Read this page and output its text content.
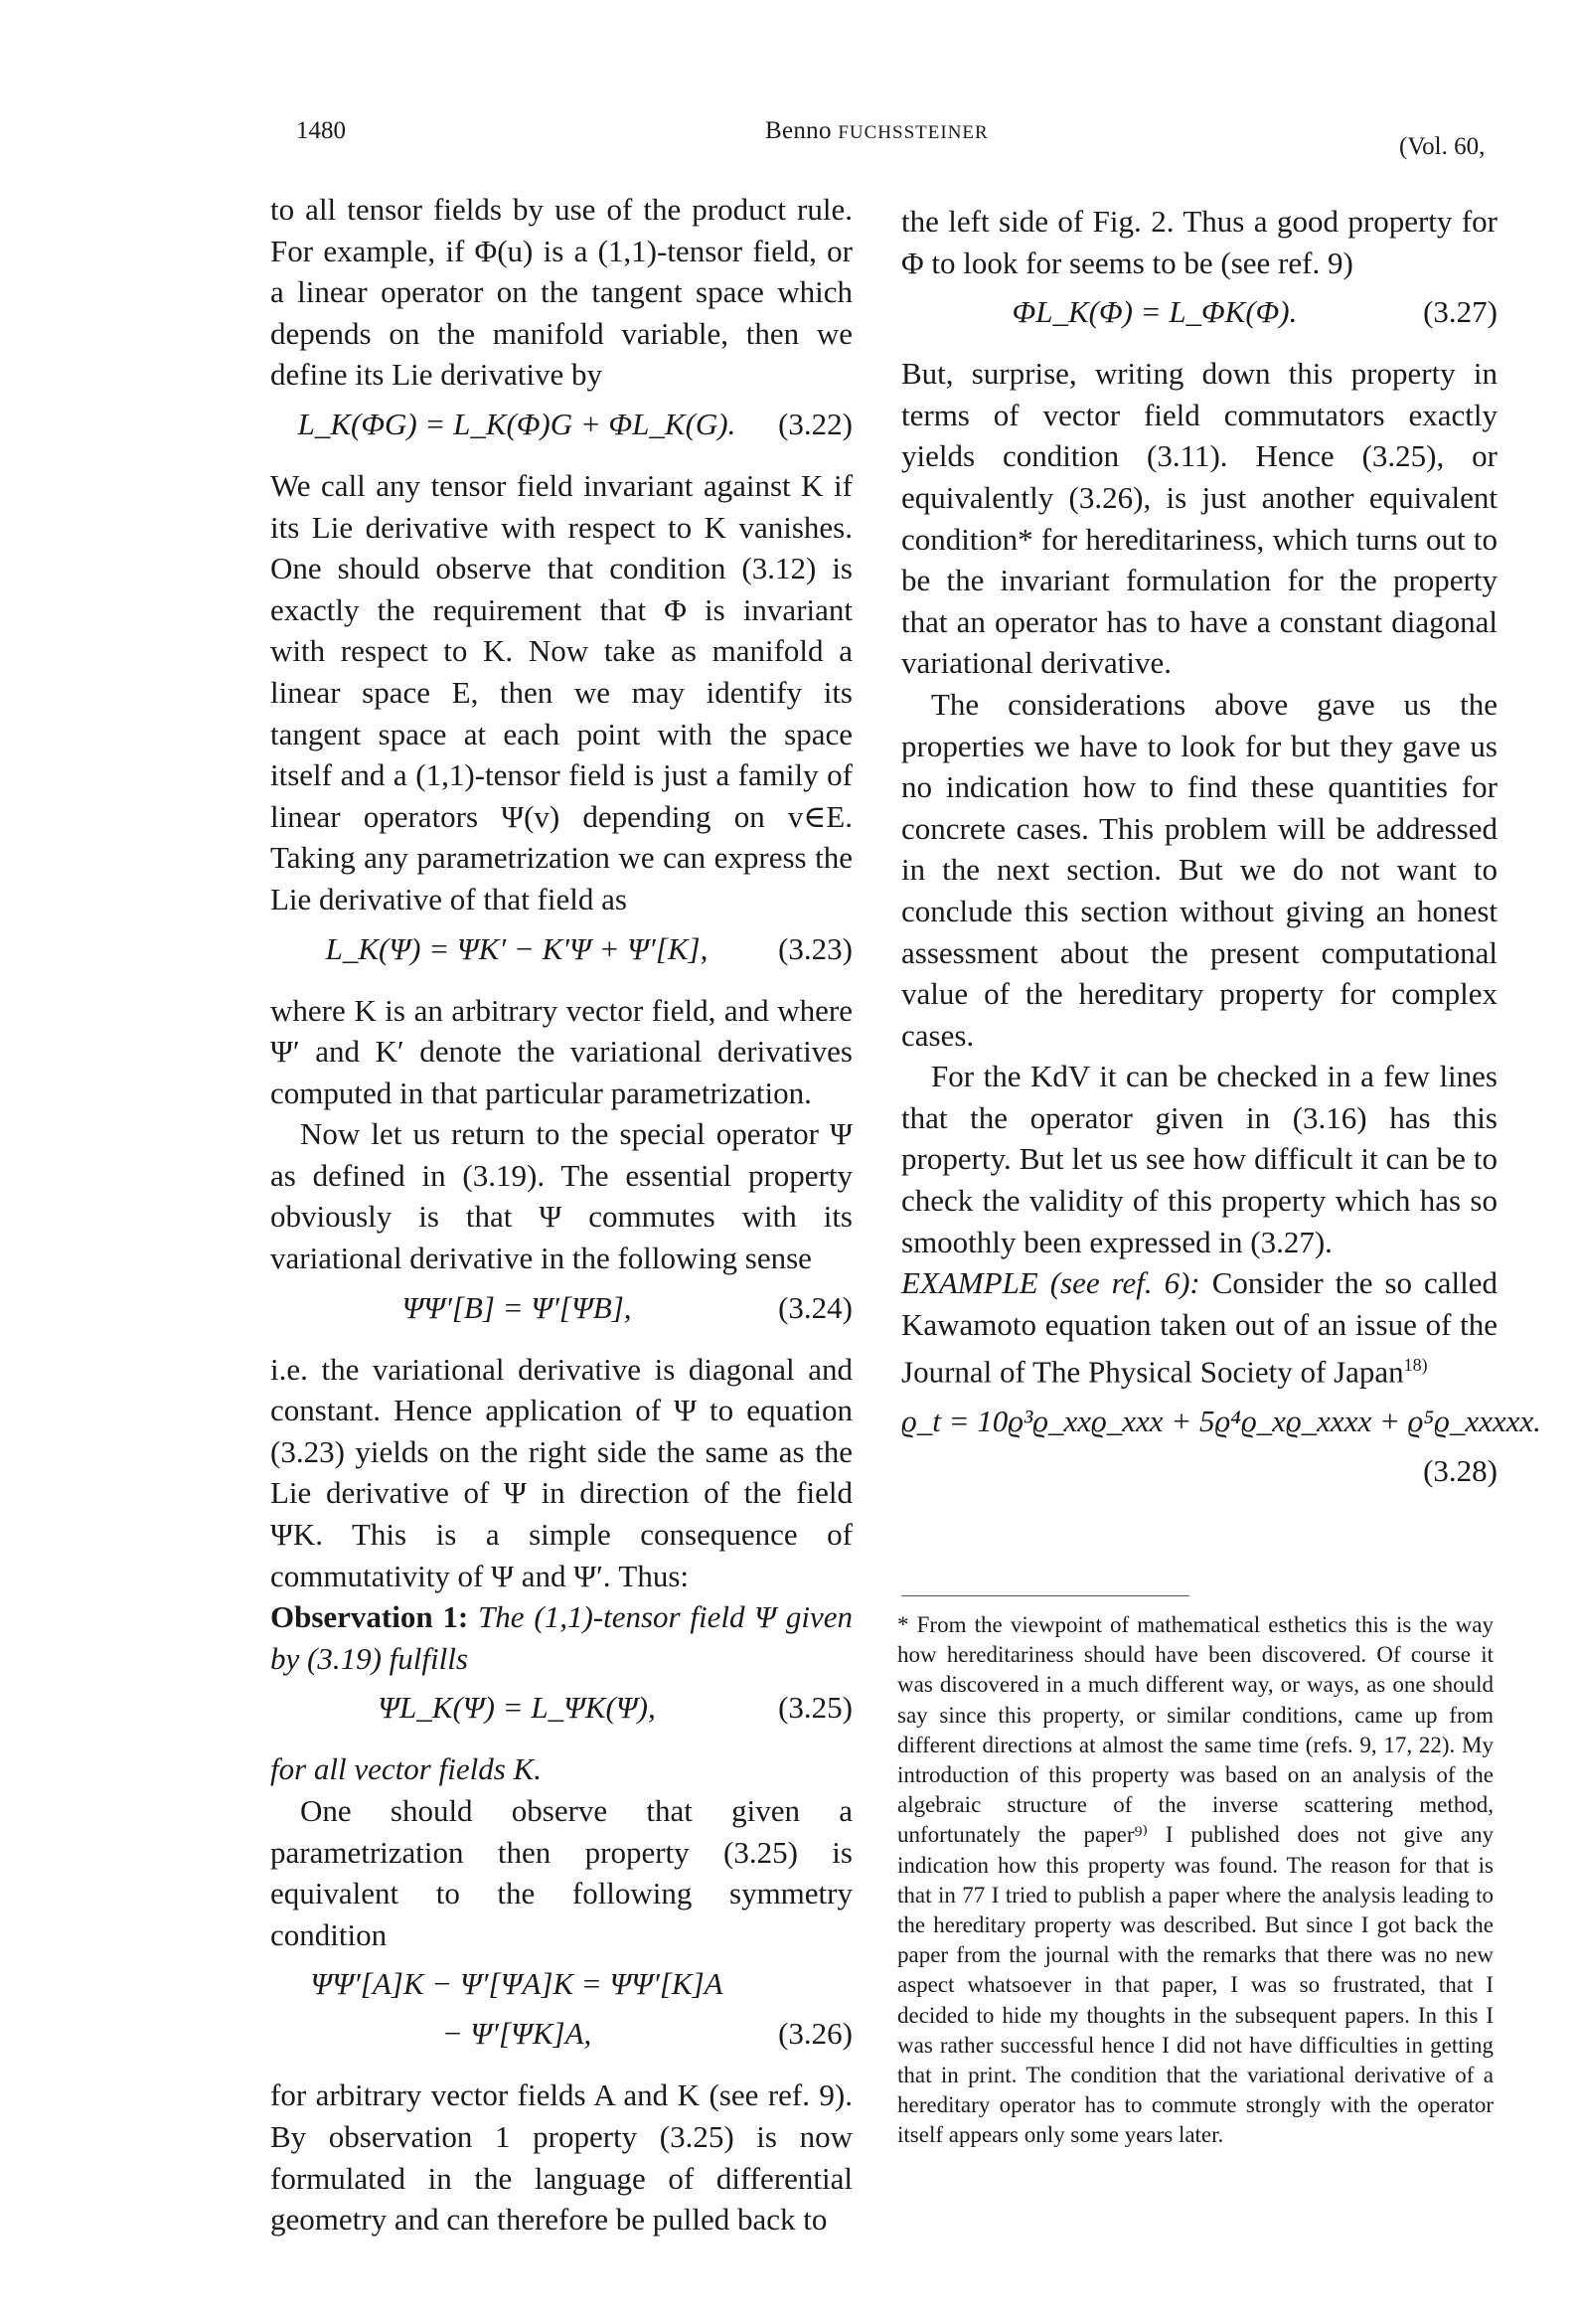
1480	Benno FUCHSSTEINER
(Vol. 60,

to all tensor fields by use of the product rule. For example, if Φ(u) is a (1,1)-tensor field, or a linear operator on the tangent space which depends on the manifold variable, then we define its Lie derivative by

L_K(ΦG) = L_K(Φ)G + ΦL_K(G).	(3.22)

We call any tensor field invariant against K if its Lie derivative with respect to K vanishes. One should observe that condition (3.12) is exactly the requirement that Φ is invariant with respect to K. Now take as manifold a linear space E, then we may identify its tangent space at each point with the space itself and a (1,1)-tensor field is just a family of linear operators Ψ(v) depending on v∈E. Taking any parametrization we can express the Lie derivative of that field as

L_K(Ψ) = ΨK′ − K′Ψ + Ψ′[K],	(3.23)

where K is an arbitrary vector field, and where Ψ′ and K′ denote the variational derivatives computed in that particular parametrization.

Now let us return to the special operator Ψ as defined in (3.19). The essential property obviously is that Ψ commutes with its variational derivative in the following sense

ΨΨ′[B] = Ψ′[ΨB],	(3.24)

i.e. the variational derivative is diagonal and constant. Hence application of Ψ to equation (3.23) yields on the right side the same as the Lie derivative of Ψ in direction of the field ΨK. This is a simple consequence of commutativity of Ψ and Ψ′. Thus:

Observation 1: The (1,1)-tensor field Ψ given by (3.19) fulfills

ΨL_K(Ψ) = L_ΨK(Ψ),	(3.25)

for all vector fields K.

One should observe that given a parametrization then property (3.25) is equivalent to the following symmetry condition

ΨΨ′[A]K − Ψ′[ΨA]K = ΨΨ′[K]A
− Ψ′[ΨK]A,	(3.26)

for arbitrary vector fields A and K (see ref. 9). By observation 1 property (3.25) is now formulated in the language of differential geometry and can therefore be pulled back to

the left side of Fig. 2. Thus a good property for Φ to look for seems to be (see ref. 9)

ΦL_K(Φ) = L_ΦK(Φ).	(3.27)

But, surprise, writing down this property in terms of vector field commutators exactly yields condition (3.11). Hence (3.25), or equivalently (3.26), is just another equivalent condition* for hereditariness, which turns out to be the invariant formulation for the property that an operator has to have a constant diagonal variational derivative.

The considerations above gave us the properties we have to look for but they gave us no indication how to find these quantities for concrete cases. This problem will be addressed in the next section. But we do not want to conclude this section without giving an honest assessment about the present computational value of the hereditary property for complex cases.

For the KdV it can be checked in a few lines that the operator given in (3.16) has this property. But let us see how difficult it can be to check the validity of this property which has so smoothly been expressed in (3.27).

EXAMPLE (see ref. 6): Consider the so called Kawamoto equation taken out of an issue of the Journal of The Physical Society of Japan$^{18)}$

ϱ_t = 10ϱ³ϱ_xxϱ_xxx + 5ϱ⁴ϱ_xϱ_xxxx + ϱ⁵ϱ_xxxxx.
(3.28)
* From the viewpoint of mathematical esthetics this is the way how hereditariness should have been discovered. Of course it was discovered in a much different way, or ways, as one should say since this property, or similar conditions, came up from different directions at almost the same time (refs. 9, 17, 22). My introduction of this property was based on an analysis of the algebraic structure of the inverse scattering method, unfortunately the paper⁹⁾ I published does not give any indication how this property was found. The reason for that is that in 77 I tried to publish a paper where the analysis leading to the hereditary property was described. But since I got back the paper from the journal with the remarks that there was no new aspect whatsoever in that paper, I was so frustrated, that I decided to hide my thoughts in the subsequent papers. In this I was rather successful hence I did not have difficulties in getting that in print. The condition that the variational derivative of a hereditary operator has to commute strongly with the operator itself appears only some years later.
